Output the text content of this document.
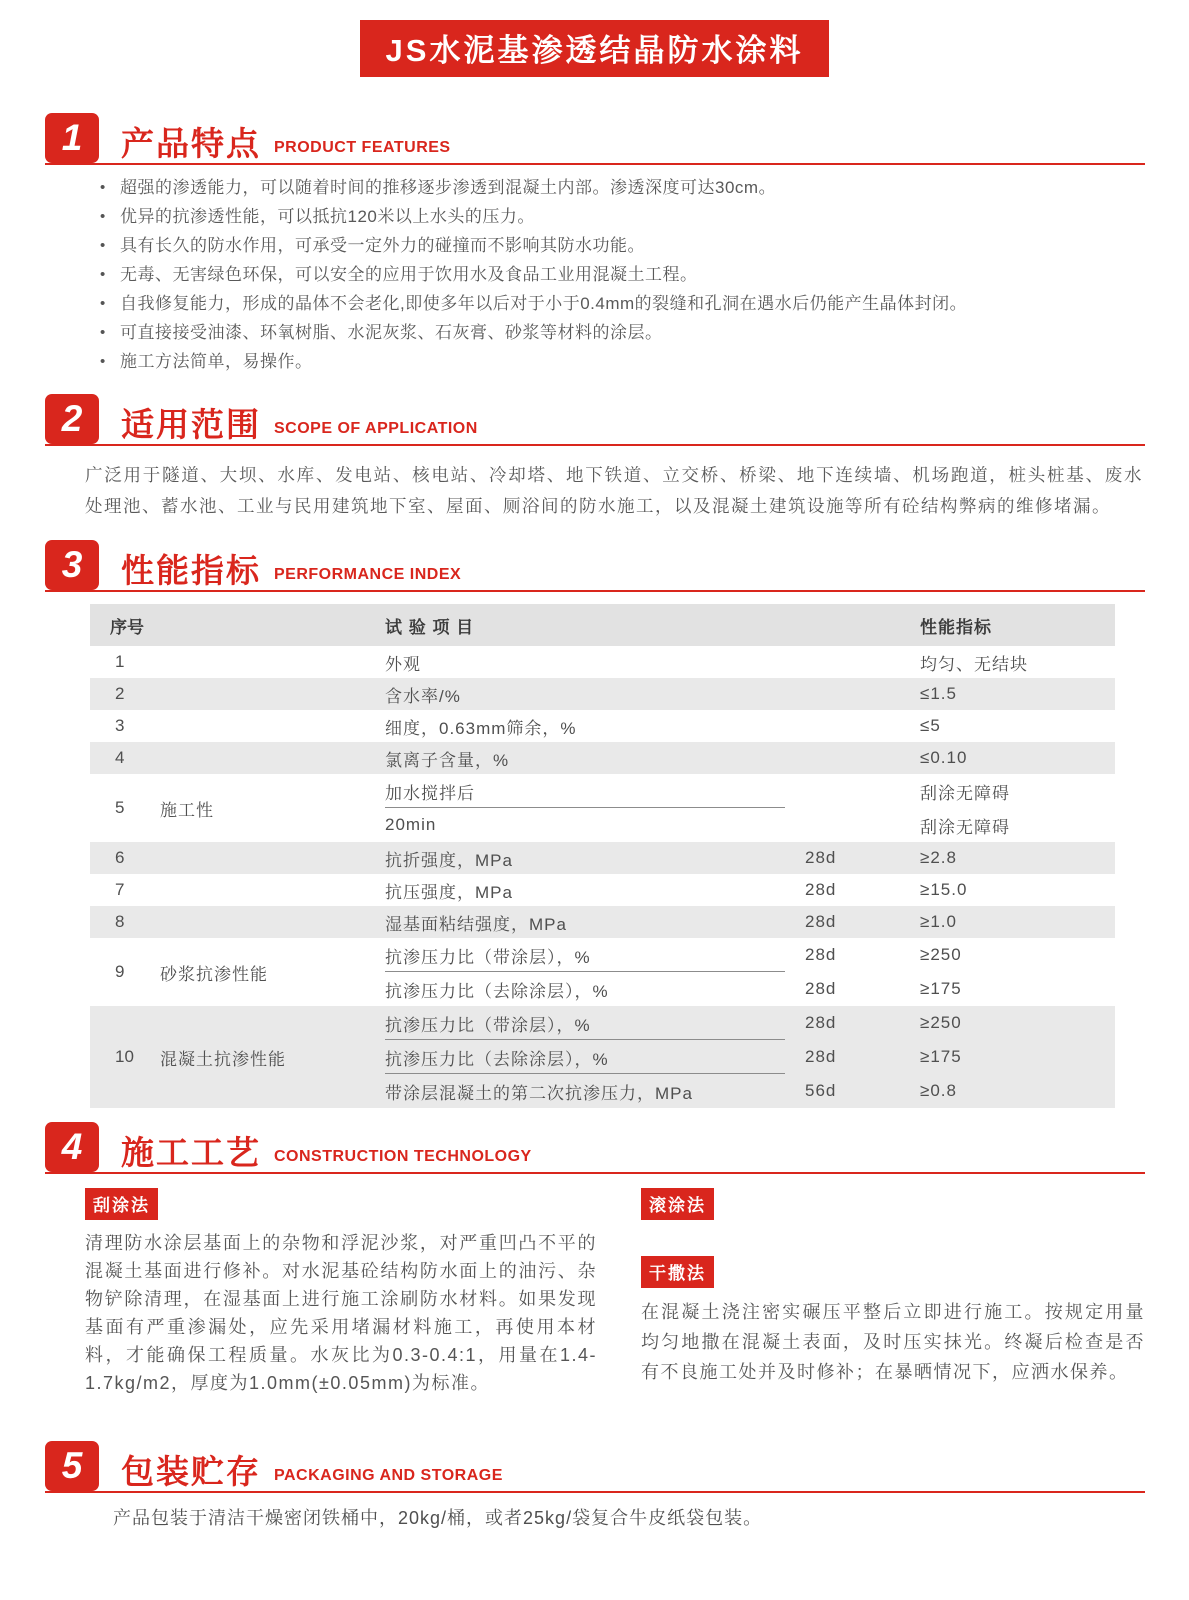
JS水泥基渗透结晶防水涂料
1	产品特点 PRODUCT FEATURES
• 超强的渗透能力，可以随着时间的推移逐步渗透到混凝土内部。渗透深度可达30cm。
• 优异的抗渗透性能，可以抵抗120米以上水头的压力。
• 具有长久的防水作用，可承受一定外力的碰撞而不影响其防水功能。
• 无毒、无害绿色环保，可以安全的应用于饮用水及食品工业用混凝土工程。
• 自我修复能力，形成的晶体不会老化,即使多年以后对于小于0.4mm的裂缝和孔洞在遇水后仍能产生晶体封闭。
• 可直接接受油漆、环氧树脂、水泥灰浆、石灰膏、砂浆等材料的涂层。
• 施工方法简单，易操作。
2	适用范围 SCOPE OF APPLICATION

广泛用于隧道、大坝、水库、发电站、核电站、冷却塔、地下铁道、立交桥、桥梁、地下连续墙、机场跑道，桩头桩基、废水处理池、蓄水池、工业与民用建筑地下室、屋面、厕浴间的防水施工，以及混凝土建筑设施等所有砼结构弊病的维修堵漏。

3	性能指标 PERFORMANCE INDEX
序号	试 验 项 目	性能指标
1	外观	均匀、无结块
2	含水率/%	≤1.5
3	细度，0.63mm筛余，%	≤5
4	氯离子含量，%	≤0.10
5	施工性
加水搅拌后	刮涂无障碍
20min	刮涂无障碍
6	抗折强度，MPa	28d	≥2.8
7	抗压强度，MPa	28d	≥15.0
8	湿基面粘结强度，MPa	28d	≥1.0
9	砂浆抗渗性能
抗渗压力比（带涂层），%	28d	≥250
抗渗压力比（去除涂层），%	28d	≥175
10	混凝土抗渗性能
抗渗压力比（带涂层），%	28d	≥250
抗渗压力比（去除涂层），%	28d	≥175
带涂层混凝土的第二次抗渗压力，MPa	56d	≥0.8
4	施工工艺 CONSTRUCTION TECHNOLOGY
刮涂法

清理防水涂层基面上的杂物和浮泥沙浆，对严重凹凸不平的混凝土基面进行修补。对水泥基砼结构防水面上的油污、杂物铲除清理，在湿基面上进行施工涂刷防水材料。如果发现基面有严重渗漏处，应先采用堵漏材料施工，再使用本材料，才能确保工程质量。水灰比为0.3-0.4:1，用量在1.4-1.7kg/m2，厚度为1.0mm(±0.05mm)为标准。

滚涂法
干撒法

在混凝土浇注密实碾压平整后立即进行施工。按规定用量均匀地撒在混凝土表面，及时压实抹光。终凝后检查是否有不良施工处并及时修补；在暴晒情况下，应洒水保养。

5	包装贮存 PACKAGING AND STORAGE

产品包装于清洁干燥密闭铁桶中，20kg/桶，或者25kg/袋复合牛皮纸袋包装。
